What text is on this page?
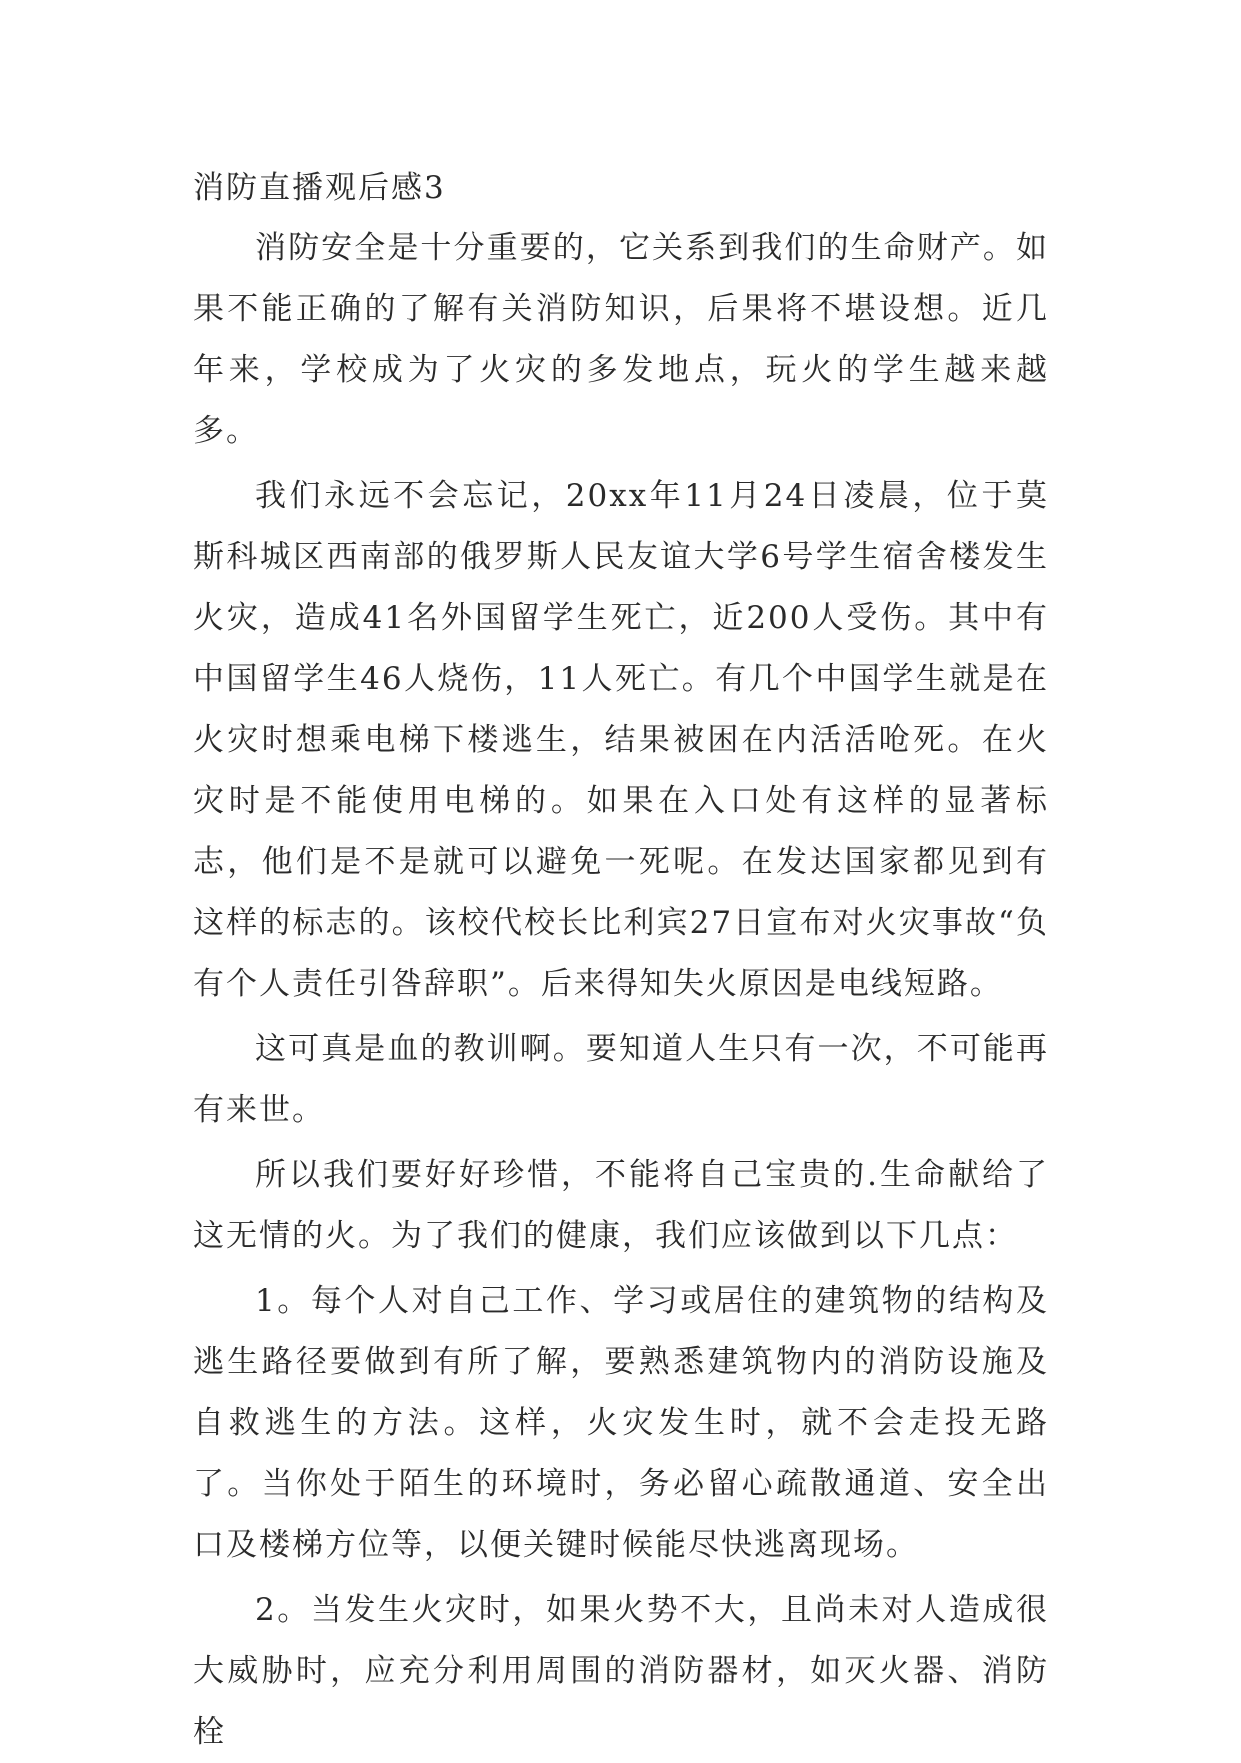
消防直播观后感3

消防安全是十分重要的，它关系到我们的生命财产。如果不能正确的了解有关消防知识，后果将不堪设想。近几年来，学校成为了火灾的多发地点，玩火的学生越来越多。

我们永远不会忘记，20xx年11月24日凌晨，位于莫斯科城区西南部的俄罗斯人民友谊大学6号学生宿舍楼发生火灾，造成41名外国留学生死亡，近200人受伤。其中有中国留学生46人烧伤，11人死亡。有几个中国学生就是在火灾时想乘电梯下楼逃生，结果被困在内活活呛死。在火灾时是不能使用电梯的。如果在入口处有这样的显著标志，他们是不是就可以避免一死呢。在发达国家都见到有这样的标志的。该校代校长比利宾27日宣布对火灾事故“负有个人责任引咎辞职”。后来得知失火原因是电线短路。

这可真是血的教训啊。要知道人生只有一次，不可能再有来世。

所以我们要好好珍惜，不能将自己宝贵的.生命献给了这无情的火。为了我们的健康，我们应该做到以下几点：

1。每个人对自己工作、学习或居住的建筑物的结构及逃生路径要做到有所了解，要熟悉建筑物内的消防设施及自救逃生的方法。这样，火灾发生时，就不会走投无路了。当你处于陌生的环境时，务必留心疏散通道、安全出口及楼梯方位等，以便关键时候能尽快逃离现场。

2。当发生火灾时，如果火势不大，且尚未对人造成很大威胁时，应充分利用周围的消防器材，如灭火器、消防栓
